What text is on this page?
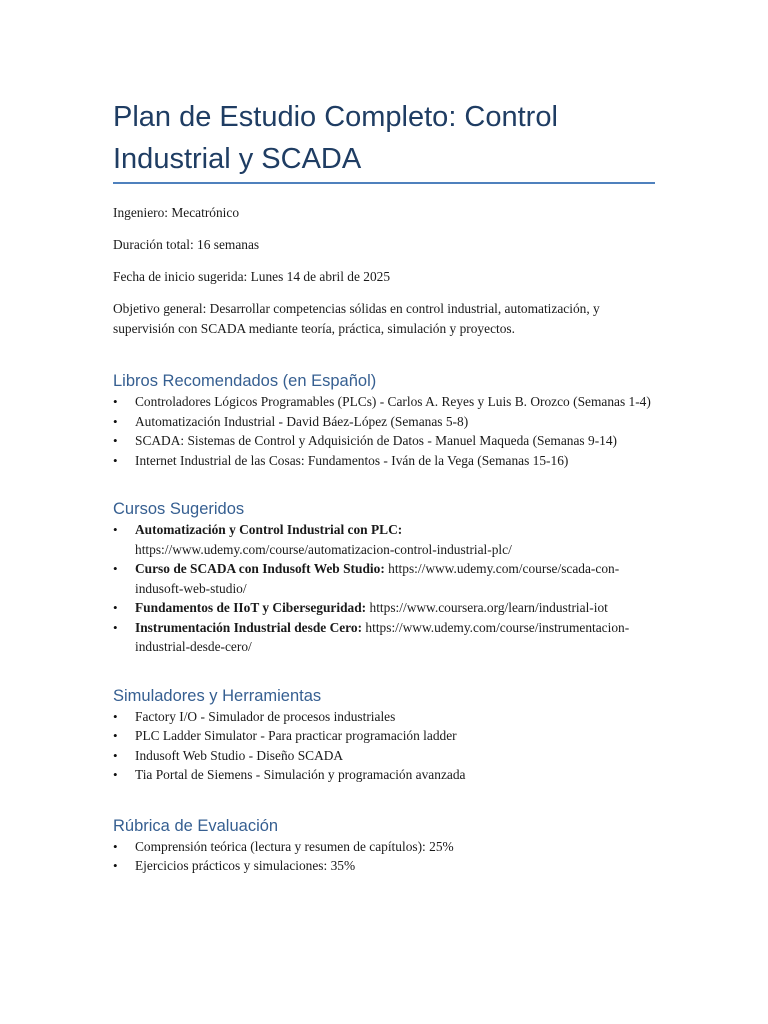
Plan de Estudio Completo: Control Industrial y SCADA

Ingeniero: Mecatrónico

Duración total: 16 semanas

Fecha de inicio sugerida: Lunes 14 de abril de 2025

Objetivo general: Desarrollar competencias sólidas en control industrial, automatización, y supervisión con SCADA mediante teoría, práctica, simulación y proyectos.

Libros Recomendados (en Español)
• Controladores Lógicos Programables (PLCs) - Carlos A. Reyes y Luis B. Orozco (Semanas 1-4)
• Automatización Industrial - David Báez-López (Semanas 5-8)
• SCADA: Sistemas de Control y Adquisición de Datos - Manuel Maqueda (Semanas 9-14)
• Internet Industrial de las Cosas: Fundamentos - Iván de la Vega (Semanas 15-16)
Cursos Sugeridos
• Automatización y Control Industrial con PLC: https://www.udemy.com/course/automatizacion-control-industrial-plc/
• Curso de SCADA con Indusoft Web Studio: https://www.udemy.com/course/scada-con-indusoft-web-studio/
• Fundamentos de IIoT y Ciberseguridad: https://www.coursera.org/learn/industrial-iot
• Instrumentación Industrial desde Cero: https://www.udemy.com/course/instrumentacion-industrial-desde-cero/
Simuladores y Herramientas
• Factory I/O - Simulador de procesos industriales
• PLC Ladder Simulator - Para practicar programación ladder
• Indusoft Web Studio - Diseño SCADA
• Tia Portal de Siemens - Simulación y programación avanzada
Rúbrica de Evaluación
• Comprensión teórica (lectura y resumen de capítulos): 25%
• Ejercicios prácticos y simulaciones: 35%
